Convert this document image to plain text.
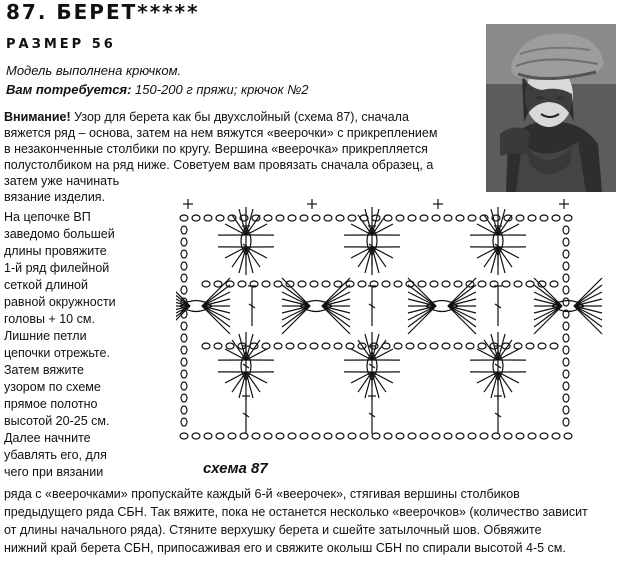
87. БЕРЕТ*****
РАЗМЕР 56
Модель выполнена крючком.
Вам потребуется: 150-200 г пряжи; крючок №2
Внимание! Узор для берета как бы двухслойный (схема 87), сначала
вяжется ряд – основа, затем на нем вяжутся «веерочки» с прикреплением
в незаконченные столбики по кругу. Вершина «веерочка» прикрепляется
полустолбиком на ряд ниже. Советуем вам провязать сначала образец, а
затем уже начинать
вязание изделия.
На цепочке ВП
заведомо большей
длины провяжите
1-й ряд филейной
сеткой длиной
равной окружности
головы + 10 см.
Лишние петли
цепочки отрежьте.
Затем вяжите
узором по схеме
прямое полотно
высотой 20-25 см.
Далее начните
убавлять его, для
чего при вязании	схема 87
ряда с «веерочками» пропускайте каждый 6-й «веерочек», стягивая вершины столбиков
предыдущего ряда СБН. Так вяжите, пока не останется несколько «веерочков» (количество зависит
от длины начального ряда). Стяните верхушку берета и сшейте затылочный шов. Обвяжите
нижний край берета СБН, припосаживая его и свяжите околыш СБН по спирали высотой 4-5 см.
